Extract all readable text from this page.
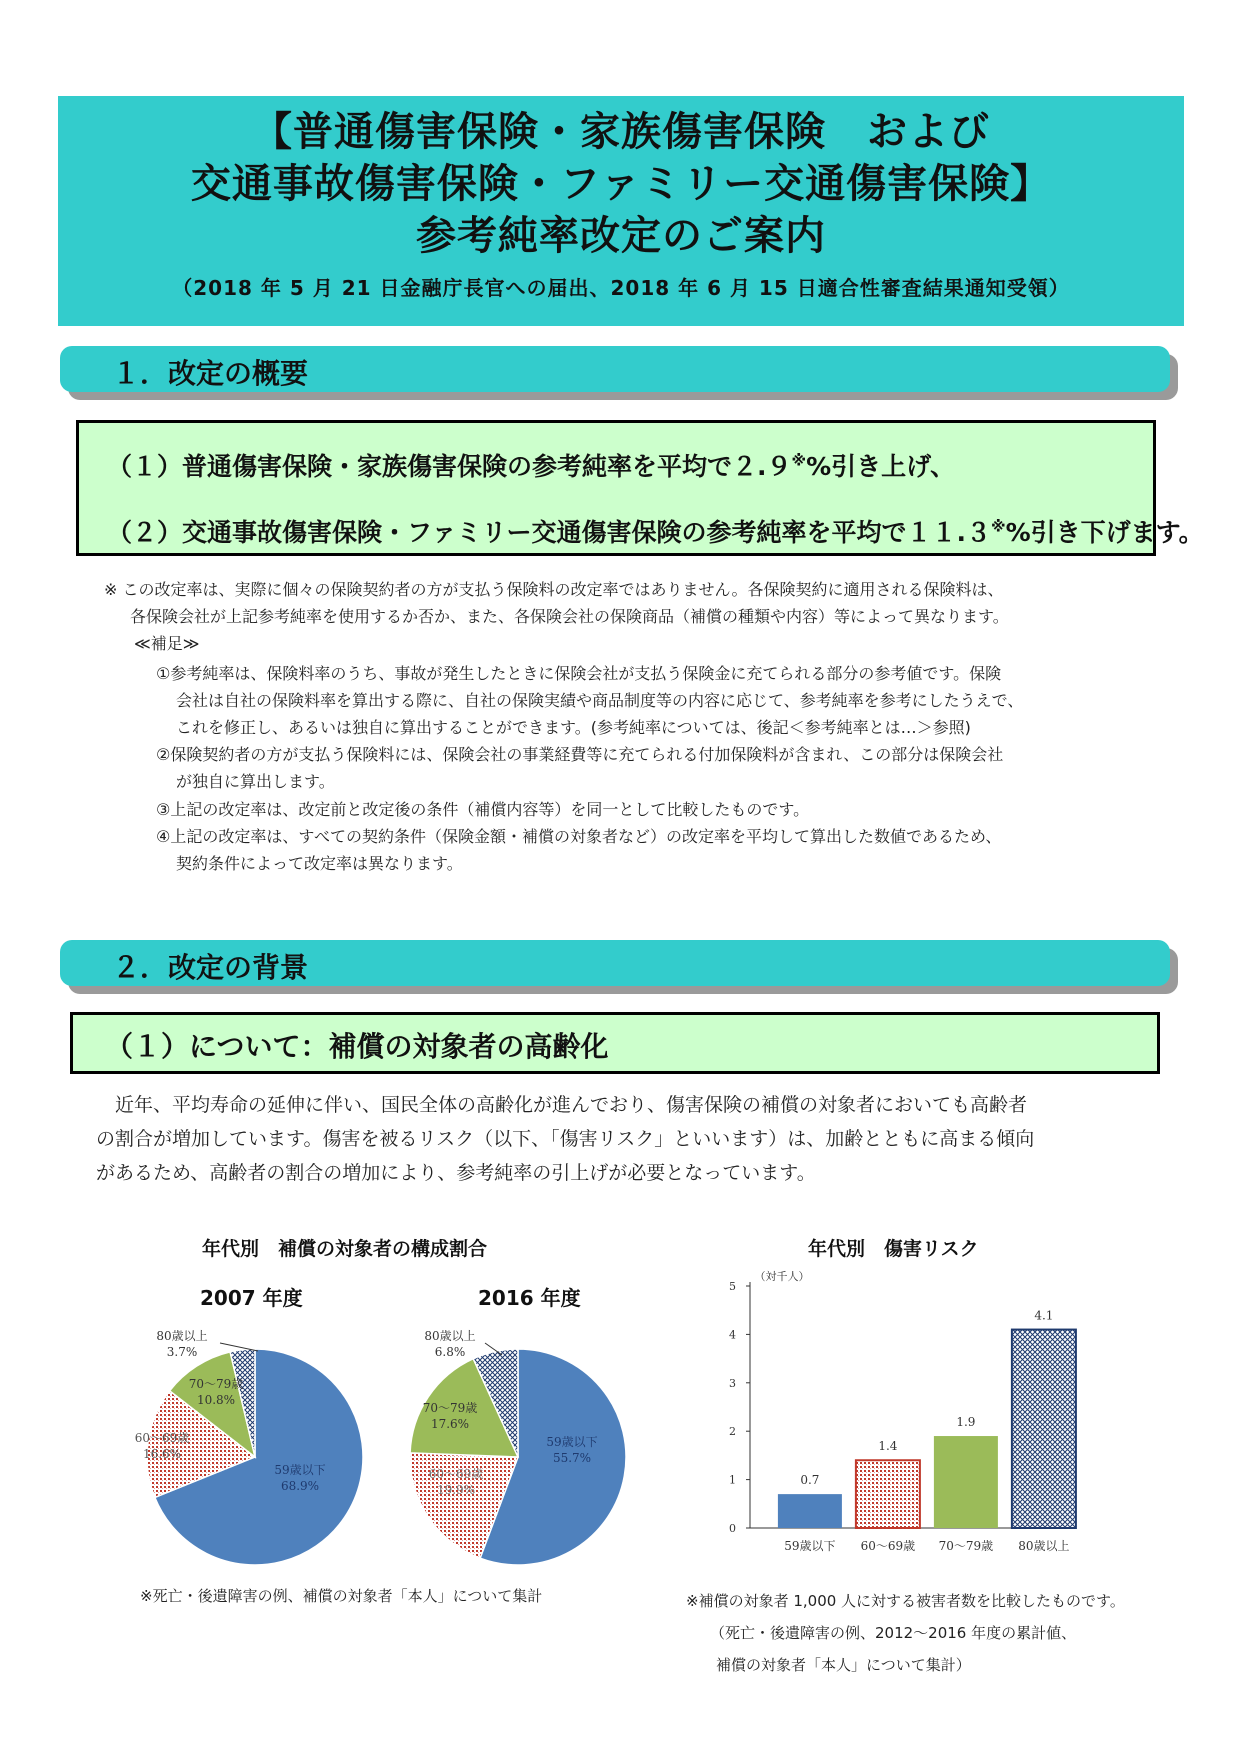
【普通傷害保険・家族傷害保険　および
交通事故傷害保険・ファミリー交通傷害保険】
参考純率改定のご案内
（2018 年 5 月 21 日金融庁長官への届出、2018 年 6 月 15 日適合性審査結果通知受領）
１．改定の概要
（１）普通傷害保険・家族傷害保険の参考純率を平均で２.９※%引き上げ、
（２）交通事故傷害保険・ファミリー交通傷害保険の参考純率を平均で１１.３※%引き下げます。
※ この改定率は、実際に個々の保険契約者の方が支払う保険料の改定率ではありません。各保険契約に適用される保険料は、
各保険会社が上記参考純率を使用するか否か、また、各保険会社の保険商品（補償の種類や内容）等によって異なります。
≪補足≫
①参考純率は、保険料率のうち、事故が発生したときに保険会社が支払う保険金に充てられる部分の参考値です。保険
会社は自社の保険料率を算出する際に、自社の保険実績や商品制度等の内容に応じて、参考純率を参考にしたうえで、
これを修正し、あるいは独自に算出することができます。(参考純率については、後記＜参考純率とは…＞参照)
②保険契約者の方が支払う保険料には、保険会社の事業経費等に充てられる付加保険料が含まれ、この部分は保険会社
が独自に算出します。
③上記の改定率は、改定前と改定後の条件（補償内容等）を同一として比較したものです。
④上記の改定率は、すべての契約条件（保険金額・補償の対象者など）の改定率を平均して算出した数値であるため、
契約条件によって改定率は異なります。
２．改定の背景
（１）について：補償の対象者の高齢化
　近年、平均寿命の延伸に伴い、国民全体の高齢化が進んでおり、傷害保険の補償の対象者においても高齢者
の割合が増加しています。傷害を被るリスク（以下、「傷害リスク」といいます）は、加齢とともに高まる傾向
があるため、高齢者の割合の増加により、参考純率の引上げが必要となっています。
年代別　補償の対象者の構成割合
2007 年度	2016 年度
59歳以下
68.9%
60～69歳
16.6%
70～79歳
10.8%
80歳以上
3.7%
59歳以下
55.7%
60～69歳
19.9%
70～79歳
17.6%
80歳以上
6.8%
※死亡・後遺障害の例、補償の対象者「本人」について集計
年代別　傷害リスク
（対千人）
0
1
2
3
4
5
0.7
59歳以下
1.4
60～69歳
1.9
70～79歳
4.1
80歳以上
※補償の対象者 1,000 人に対する被害者数を比較したものです。
（死亡・後遺障害の例、2012～2016 年度の累計値、
補償の対象者「本人」について集計）
